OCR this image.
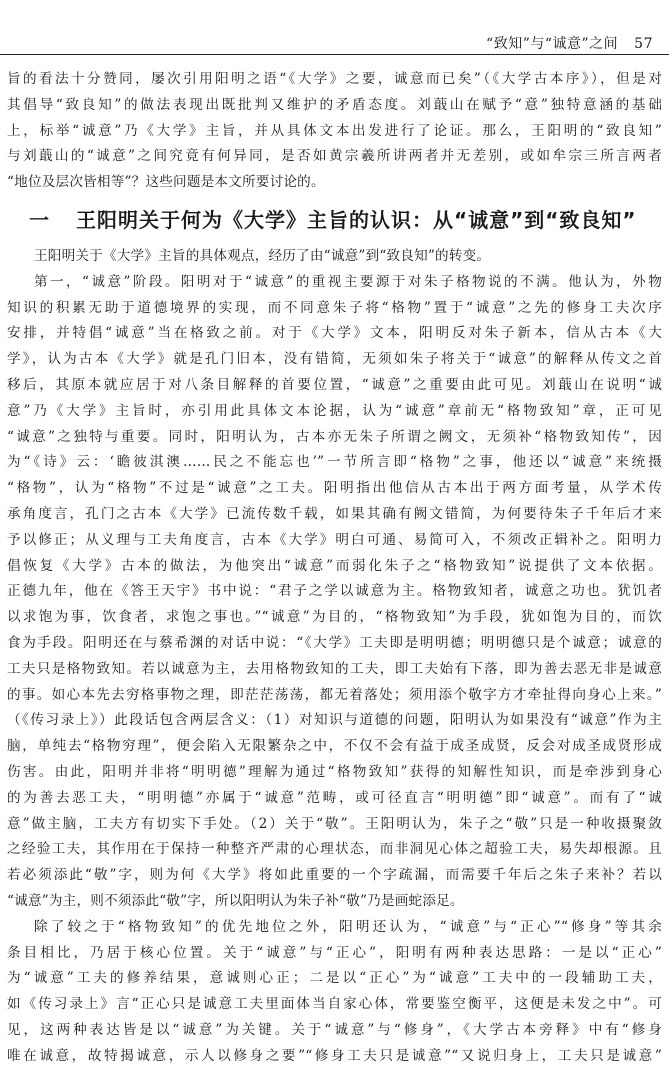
“致知”与“诚意”之间 57
旨的看法十分赞同，屡次引用阳明之语“《大学》之要，诚意而已矣”（《大学古本序》），但是对
其倡导“致良知”的做法表现出既批判又维护的矛盾态度。刘蕺山在赋予“意”独特意涵的基础
上，标举“诚意”乃《大学》主旨，并从具体文本出发进行了论证。那么，王阳明的“致良知”
与刘蕺山的“诚意”之间究竟有何异同，是否如黄宗羲所讲两者并无差别，或如牟宗三所言两者
“地位及层次皆相等”？这些问题是本文所要讨论的。
一 王阳明关于何为《大学》主旨的认识：从“诚意”到“致良知”
王阳明关于《大学》主旨的具体观点，经历了由“诚意”到“致良知”的转变。
第一，“诚意”阶段。阳明对于“诚意”的重视主要源于对朱子格物说的不满。他认为，外物
知识的积累无助于道德境界的实现，而不同意朱子将“格物”置于“诚意”之先的修身工夫次序
安排，并特倡“诚意”当在格致之前。对于《大学》文本，阳明反对朱子新本，信从古本《大
学》，认为古本《大学》就是孔门旧本，没有错简，无须如朱子将关于“诚意”的解释从传文之首
移后，其原本就应居于对八条目解释的首要位置，“诚意”之重要由此可见。刘蕺山在说明“诚
意”乃《大学》主旨时，亦引用此具体文本论据，认为“诚意”章前无“格物致知”章，正可见
“诚意”之独特与重要。同时，阳明认为，古本亦无朱子所谓之阙文，无须补“格物致知传”，因
为“《诗》云：‘瞻彼淇澳……民之不能忘也’”一节所言即“格物”之事，他还以“诚意”来统摄
“格物”，认为“格物”不过是“诚意”之工夫。阳明指出他信从古本出于两方面考量，从学术传
承角度言，孔门之古本《大学》已流传数千载，如果其确有阙文错简，为何要待朱子千年后才来
予以修正；从义理与工夫角度言，古本《大学》明白可通、易简可入，不须改正辑补之。阳明力
倡恢复《大学》古本的做法，为他突出“诚意”而弱化朱子之“格物致知”说提供了文本依据。
正德九年，他在《答王天宇》书中说：“君子之学以诚意为主。格物致知者，诚意之功也。犹饥者
以求饱为事，饮食者，求饱之事也。”“诚意”为目的，“格物致知”为手段，犹如饱为目的，而饮
食为手段。阳明还在与蔡希渊的对话中说：“《大学》工夫即是明明德；明明德只是个诚意；诚意的
工夫只是格物致知。若以诚意为主，去用格物致知的工夫，即工夫始有下落，即为善去恶无非是诚意
的事。如心本先去穷格事物之理，即茫茫荡荡，都无着落处；须用添个敬字方才牵扯得向身心上来。”
（《传习录上》）此段话包含两层含义：（1）对知识与道德的问题，阳明认为如果没有“诚意”作为主
脑，单纯去“格物穷理”，便会陷入无限繁杂之中，不仅不会有益于成圣成贤，反会对成圣成贤形成
伤害。由此，阳明并非将“明明德”理解为通过“格物致知”获得的知解性知识，而是牵涉到身心
的为善去恶工夫，“明明德”亦属于“诚意”范畴，或可径直言“明明德”即“诚意”。而有了“诚
意”做主脑，工夫方有切实下手处。（2）关于“敬”。王阳明认为，朱子之“敬”只是一种收摄聚敛
之经验工夫，其作用在于保持一种整齐严肃的心理状态，而非洞见心体之超验工夫，易失却根源。且
若必须添此“敬”字，则为何《大学》将如此重要的一个字疏漏，而需要千年后之朱子来补？若以
“诚意”为主，则不须添此“敬”字，所以阳明认为朱子补“敬”乃是画蛇添足。
除了较之于“格物致知”的优先地位之外，阳明还认为，“诚意”与“正心”“修身”等其余
条目相比，乃居于核心位置。关于“诚意”与“正心”，阳明有两种表达思路：一是以“正心”
为“诚意”工夫的修养结果，意诚则心正；二是以“正心”为“诚意”工夫中的一段辅助工夫，
如《传习录上》言“正心只是诚意工夫里面体当自家心体，常要鉴空衡平，这便是未发之中”。可
见，这两种表达皆是以“诚意”为关键。关于“诚意”与“修身”，《大学古本旁释》中有“修身
唯在诚意，故特揭诚意，示人以修身之要”“修身工夫只是诚意”“又说归身上，工夫只是诚意”
